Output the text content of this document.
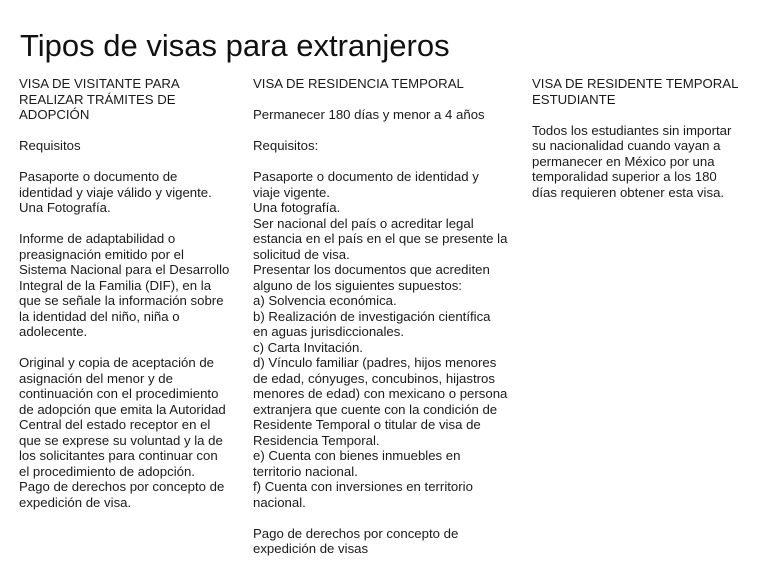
Tipos de visas para extranjeros

VISA DE VISITANTE PARA
REALIZAR TRÁMITES DE
ADOPCIÓN

Requisitos

Pasaporte o documento de
identidad y viaje válido y vigente.
Una Fotografía.

Informe de adaptabilidad o
preasignación emitido por el
Sistema Nacional para el Desarrollo
Integral de la Familia (DIF), en la
que se señale la información sobre
la identidad del niño, niña o
adolecente.

Original y copia de aceptación de
asignación del menor y de
continuación con el procedimiento
de adopción que emita la Autoridad
Central del estado receptor en el
que se exprese su voluntad y la de
los solicitantes para continuar con
el procedimiento de adopción.
Pago de derechos por concepto de
expedición de visa.

VISA DE RESIDENCIA TEMPORAL

Permanecer 180 días y menor a 4 años

Requisitos:

Pasaporte o documento de identidad y
viaje vigente.
Una fotografía.
Ser nacional del país o acreditar legal
estancia en el país en el que se presente la
solicitud de visa.
Presentar los documentos que acrediten
alguno de los siguientes supuestos:
a) Solvencia económica.
b) Realización de investigación científica
en aguas jurisdiccionales.
c) Carta Invitación.
d) Vínculo familiar (padres, hijos menores
de edad, cónyuges, concubinos, hijastros
menores de edad) con mexicano o persona
extranjera que cuente con la condición de
Residente Temporal o titular de visa de
Residencia Temporal.
e) Cuenta con bienes inmuebles en
territorio nacional.
f) Cuenta con inversiones en territorio
nacional.

Pago de derechos por concepto de
expedición de visas

VISA DE RESIDENTE TEMPORAL
ESTUDIANTE

Todos los estudiantes sin importar
su nacionalidad cuando vayan a
permanecer en México por una
temporalidad superior a los 180
días requieren obtener esta visa.
